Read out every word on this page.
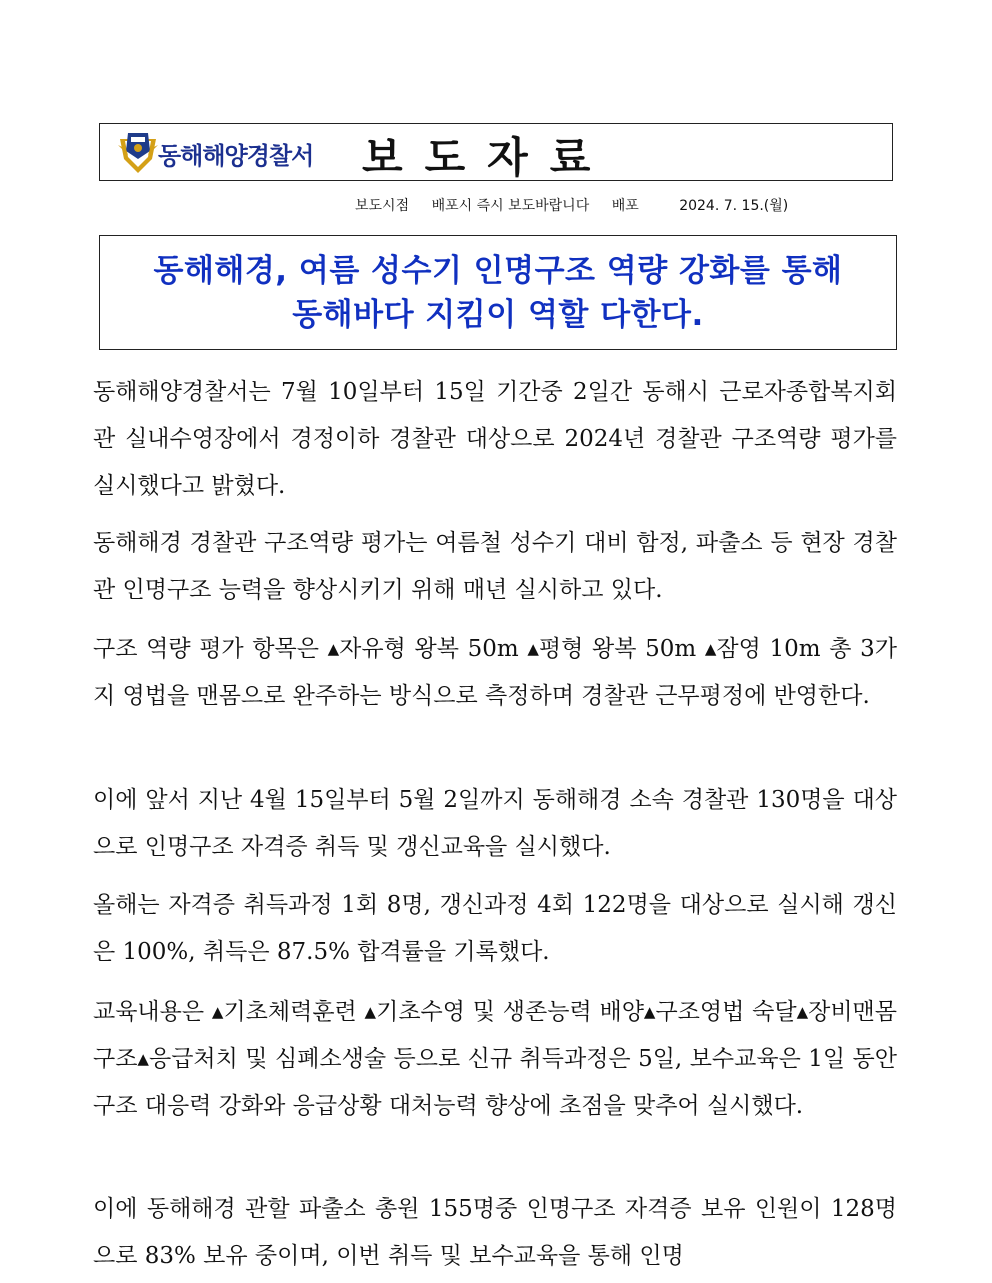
동해해양경찰서 보도자료
보도시점 배포시 즉시 보도바랍니다 배포	2024. 7. 15.(월)
동해해경, 여름 성수기 인명구조 역량 강화를 통해
동해바다 지킴이 역할 다한다.
동해해양경찰서는 7월 10일부터 15일 기간중 2일간 동해시 근로자종합복지회관 실내수영장에서 경정이하 경찰관 대상으로 2024년 경찰관 구조역량 평가를 실시했다고 밝혔다.
동해해경 경찰관 구조역량 평가는 여름철 성수기 대비 함정, 파출소 등 현장 경찰관 인명구조 능력을 향상시키기 위해 매년 실시하고 있다.
구조 역량 평가 항목은 ▴자유형 왕복 50m ▴평형 왕복 50m ▴잠영 10m 총 3가지 영법을 맨몸으로 완주하는 방식으로 측정하며 경찰관 근무평정에 반영한다.
이에 앞서 지난 4월 15일부터 5월 2일까지 동해해경 소속 경찰관 130명을 대상으로 인명구조 자격증 취득 및 갱신교육을 실시했다.
올해는 자격증 취득과정 1회 8명, 갱신과정 4회 122명을 대상으로 실시해 갱신은 100%, 취득은 87.5% 합격률을 기록했다.
교육내용은 ▴기초체력훈련 ▴기초수영 및 생존능력 배양▴구조영법 숙달▴장비맨몸구조▴응급처치 및 심폐소생술 등으로 신규 취득과정은 5일, 보수교육은 1일 동안 구조 대응력 강화와 응급상황 대처능력 향상에 초점을 맞추어 실시했다.
이에 동해해경 관할 파출소 총원 155명중 인명구조 자격증 보유 인원이 128명으로 83% 보유 중이며, 이번 취득 및 보수교육을 통해 인명
